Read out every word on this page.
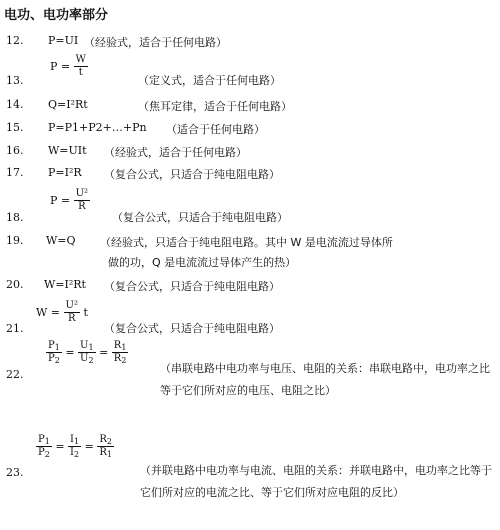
电功、电功率部分
12. P=UI （经验式，适合于任何电路）
13.
$P = \frac{W}{t}$
（定义式，适合于任何电路）
14. Q=I²Rt	（焦耳定律，适合于任何电路）
15. P=P1+P2+…+Pn （适合于任何电路）
16. W=UIt （经验式，适合于任何电路）
17. P=I²R （复合公式，只适合于纯电阻电路）
18.
$P = \frac{\text{U²}}{R}$
（复合公式，只适合于纯电阻电路）
19. W=Q （经验式，只适合于纯电阻电路。其中 W 是电流流过导体所
做的功，Q 是电流流过导体产生的热）
20. W=I²Rt （复合公式，只适合于纯电阻电路）
21.
$W = \frac{\text{U²}}{R}$ t
（复合公式，只适合于纯电阻电路）
22.
$\frac{P_1}{P_2} = \frac{U_1}{U_2} = \frac{R_1}{R_2}$
（串联电路中电功率与电压、电阻的关系：串联电路中，电功率之比等于它们所对应的电压、电阻之比）
23.
$\frac{P_1}{P_2} = \frac{I_1}{I_2} = \frac{R_2}{R_1}$
（并联电路中电功率与电流、电阻的关系：并联电路中，电功率之比等于它们所对应的电流之比、等于它们所对应电阻的反比）
